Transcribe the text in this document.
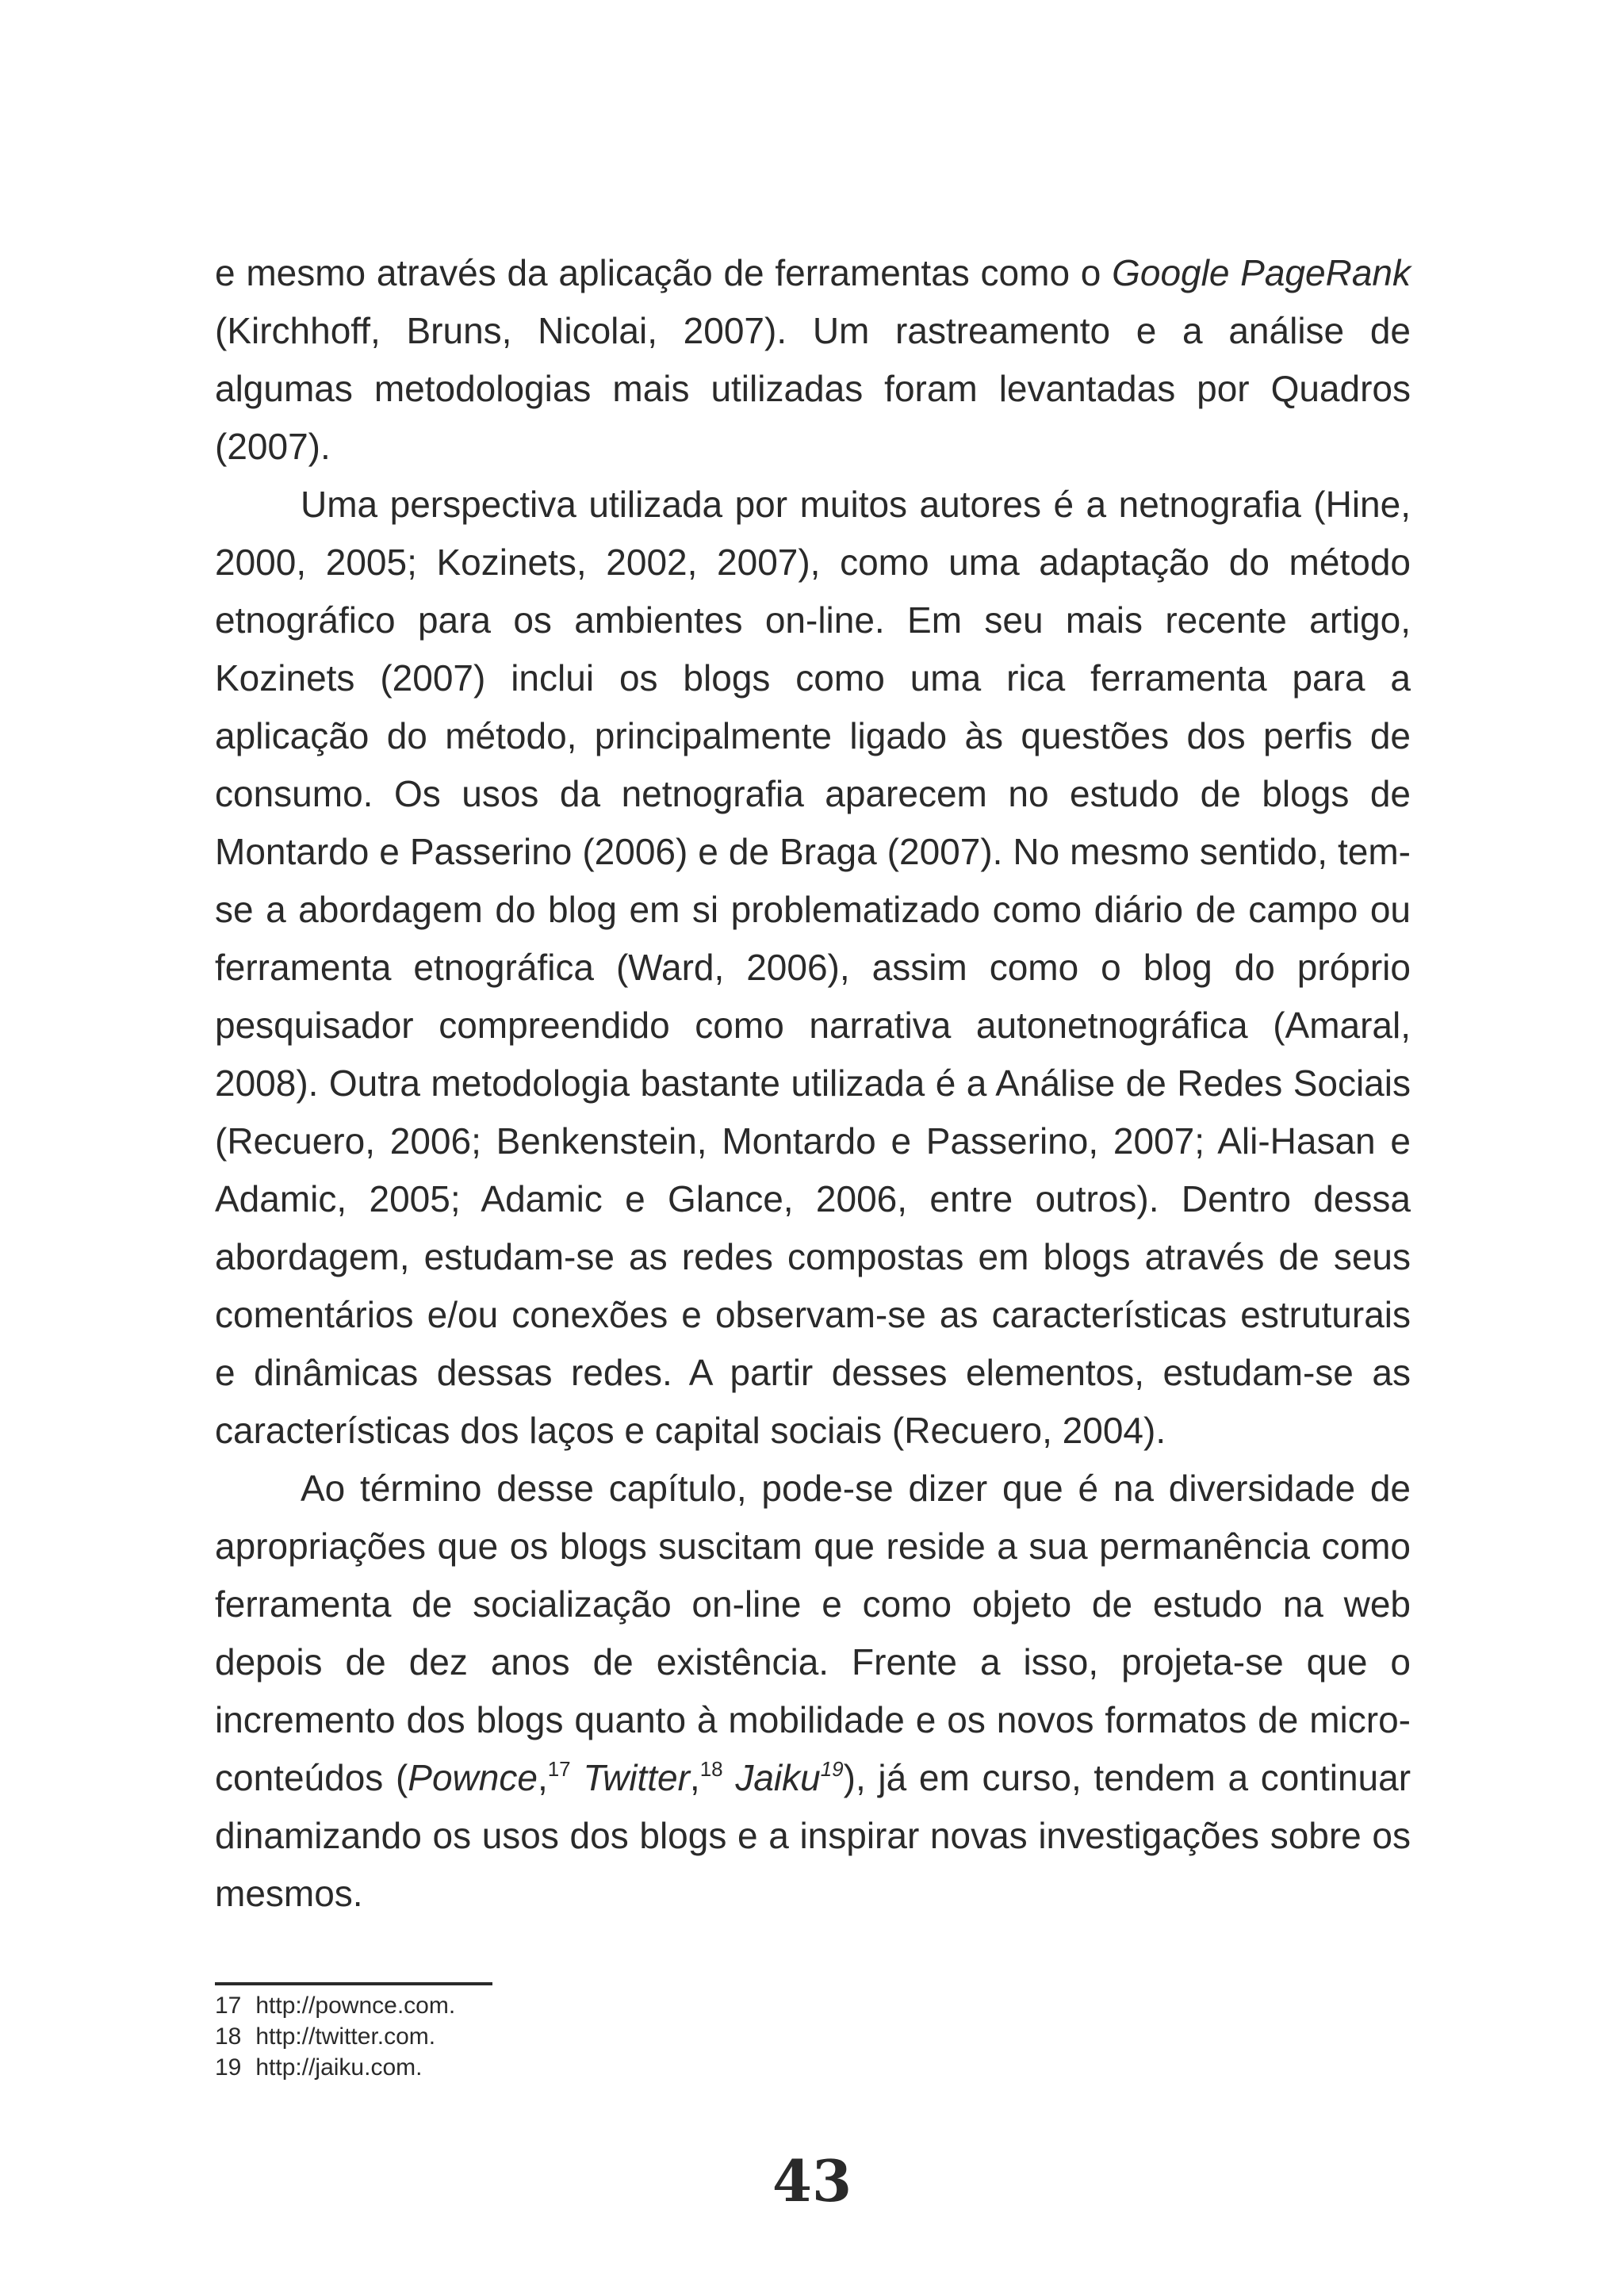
e mesmo através da aplicação de ferramentas como o Google PageRank (Kirchhoff, Bruns, Nicolai, 2007). Um rastreamento e a análise de algumas metodologias mais utilizadas foram levantadas por Quadros (2007).

Uma perspectiva utilizada por muitos autores é a netnografia (Hine, 2000, 2005; Kozinets, 2002, 2007), como uma adaptação do método etnográfico para os ambientes on-line. Em seu mais recente artigo, Kozinets (2007) inclui os blogs como uma rica ferramenta para a aplicação do método, principalmente ligado às questões dos perfis de consumo. Os usos da netnografia aparecem no estudo de blogs de Montardo e Passerino (2006) e de Braga (2007). No mesmo sentido, tem-se a abordagem do blog em si problematizado como diário de campo ou ferramenta etnográfica (Ward, 2006), assim como o blog do próprio pesquisador compreendido como narrativa autonetnográfica (Amaral, 2008). Outra metodologia bastante utilizada é a Análise de Redes Sociais (Recuero, 2006; Benkenstein, Montardo e Passerino, 2007; Ali-Hasan e Adamic, 2005; Adamic e Glance, 2006, entre outros). Dentro dessa abordagem, estudam-se as redes compostas em blogs através de seus comentários e/ou conexões e observam-se as características estruturais e dinâmicas dessas redes. A partir desses elementos, estudam-se as características dos laços e capital sociais (Recuero, 2004).

Ao término desse capítulo, pode-se dizer que é na diversidade de apropriações que os blogs suscitam que reside a sua permanência como ferramenta de socialização on-line e como objeto de estudo na web depois de dez anos de existência. Frente a isso, projeta-se que o incremento dos blogs quanto à mobilidade e os novos formatos de micro-conteúdos (Pownce,$^{17}$ Twitter,$^{18}$ Jaiku$^{19}$), já em curso, tendem a continuar dinamizando os usos dos blogs e a inspirar novas investigações sobre os mesmos.

17 http://pownce.com.
18 http://twitter.com.
19 http://jaiku.com.
43
